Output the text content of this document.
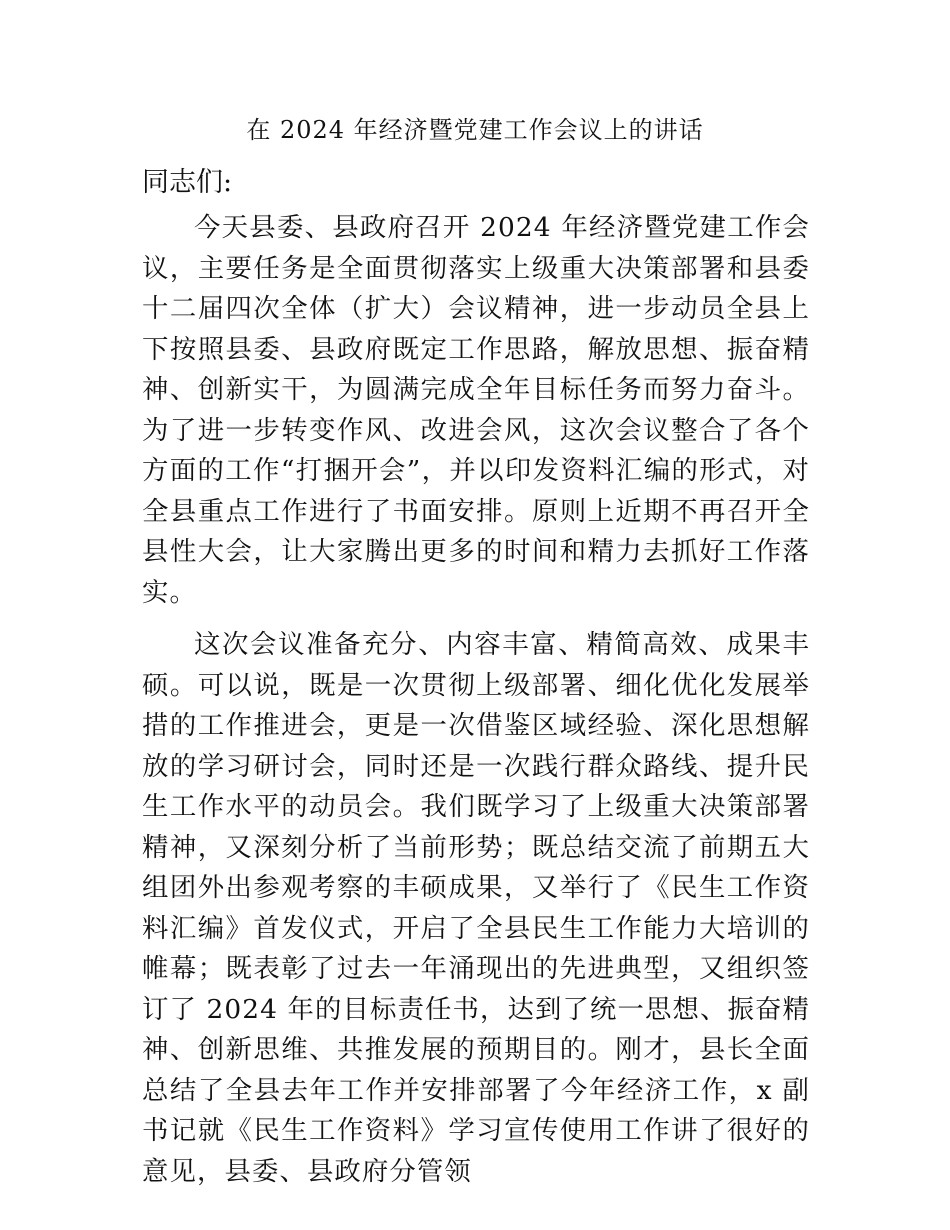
在 2024 年经济暨党建工作会议上的讲话

同志们:

今天县委、县政府召开 2024 年经济暨党建工作会议，主要任务是全面贯彻落实上级重大决策部署和县委十二届四次全体（扩大）会议精神，进一步动员全县上下按照县委、县政府既定工作思路，解放思想、振奋精神、创新实干，为圆满完成全年目标任务而努力奋斗。为了进一步转变作风、改进会风，这次会议整合了各个方面的工作“打捆开会”，并以印发资料汇编的形式，对全县重点工作进行了书面安排。原则上近期不再召开全县性大会，让大家腾出更多的时间和精力去抓好工作落实。

这次会议准备充分、内容丰富、精简高效、成果丰硕。可以说，既是一次贯彻上级部署、细化优化发展举措的工作推进会，更是一次借鉴区域经验、深化思想解放的学习研讨会，同时还是一次践行群众路线、提升民生工作水平的动员会。我们既学习了上级重大决策部署精神，又深刻分析了当前形势；既总结交流了前期五大组团外出参观考察的丰硕成果，又举行了《民生工作资料汇编》首发仪式，开启了全县民生工作能力大培训的帷幕；既表彰了过去一年涌现出的先进典型，又组织签订了 2024 年的目标责任书，达到了统一思想、振奋精神、创新思维、共推发展的预期目的。刚才，县长全面总结了全县去年工作并安排部署了今年经济工作，x 副书记就《民生工作资料》学习宣传使用工作讲了很好的意见，县委、县政府分管领
